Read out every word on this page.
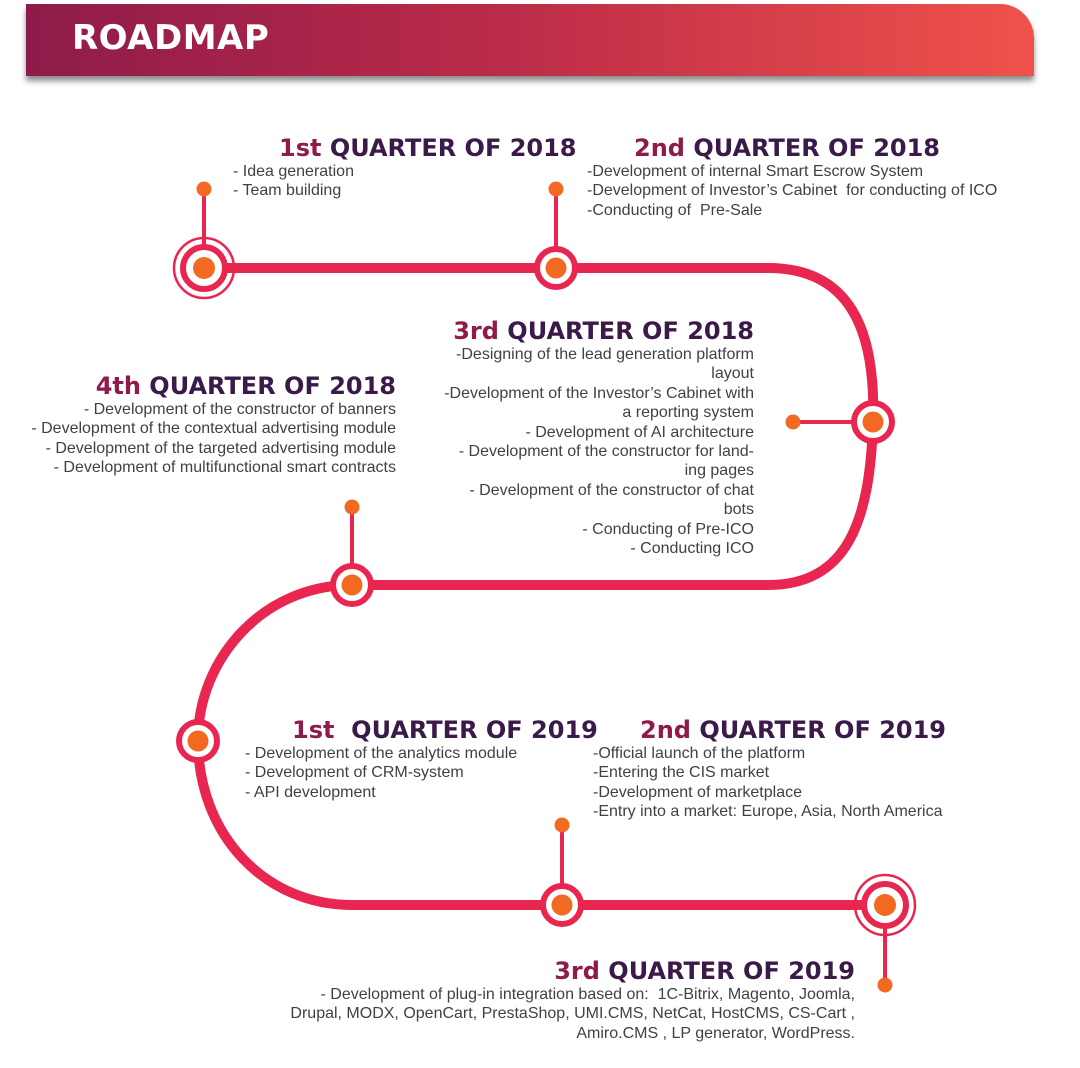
ROADMAP
1st QUARTER OF 2018
- Idea generation
- Team building
2nd QUARTER OF 2018
-Development of internal Smart Escrow System
-Development of Investor’s Cabinet  for conducting of ICO
-Conducting of  Pre-Sale
3rd QUARTER OF 2018
-Designing of the lead generation platform
layout
-Development of the Investor’s Cabinet with
a reporting system
- Development of AI architecture
- Development of the constructor for land-
ing pages
- Development of the constructor of chat
bots
- Conducting of Pre-ICO
- Conducting ICO
4th QUARTER OF 2018
- Development of the constructor of banners
- Development of the contextual advertising module
- Development of the targeted advertising module
- Development of multifunctional smart contracts
1st  QUARTER OF 2019
- Development of the analytics module
- Development of CRM-system
- API development
2nd QUARTER OF 2019
-Official launch of the platform
-Entering the CIS market
-Development of marketplace
-Entry into a market: Europe, Asia, North America
3rd QUARTER OF 2019
- Development of plug-in integration based on:  1C-Bitrix, Magento, Joomla,
Drupal, MODX, OpenCart, PrestaShop, UMI.CMS, NetCat, HostCMS, CS-Cart ,
Amiro.CMS , LP generator, WordPress.
